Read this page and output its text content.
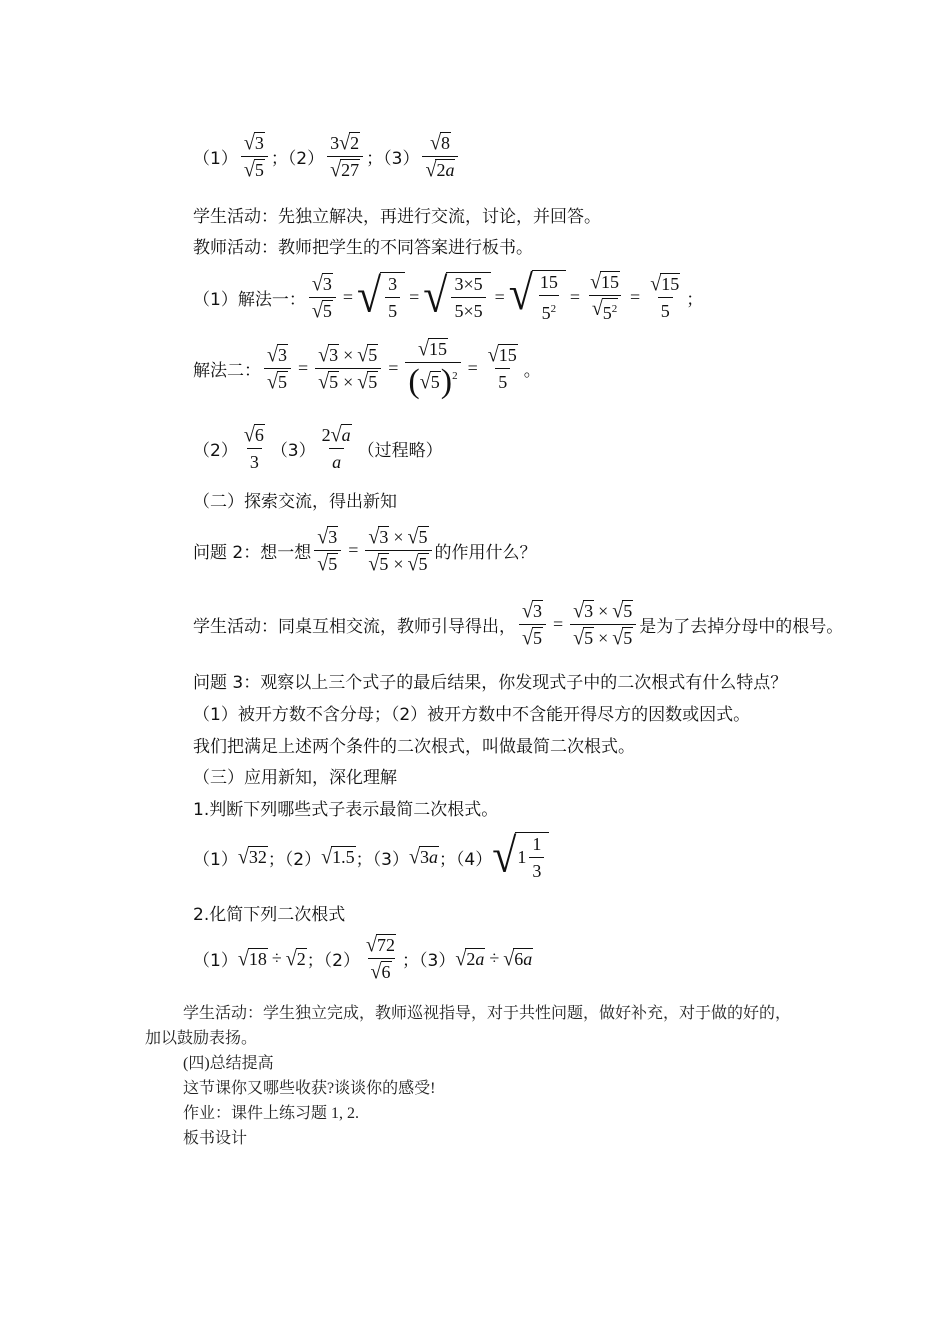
$(1) \frac{√ 3}{√ 5}$ ；$(2) \frac{3 √ 2}{√ 27}$ ；$(3) \frac{√ 8}{√ 2a}$
学生活动：先独立解决，再进行交流，讨论，并回答。
教师活动：教师把学生的不同答案进行板书。
（1）解法一： $\frac{√ 3}{√ 5}$ = √ $\frac{3}{5}$ = √ $\frac{3\times 5}{5\times 5}$ = √ $\frac{15}{5^2} = \frac{√ 15}{√ 5^2} = \frac{√ 15}{5}$ ；
解法二： $\frac{√ 3}{√ 5} = \frac{√ 3 \times √ 5}{√ 5 \times √ 5} = \frac{√ 15}{( √ 5 )^2} = \frac{√ 15}{5}$ 。
$(2) \frac{√ 6}{3} (3) \frac{2 √ a}{a}$ （过程略）
（二）探索交流，得出新知
问题 2：想一想 $\frac{√ 3}{√ 5} = \frac{√ 3 \times √ 5}{√ 5 \times √ 5}$ 的作用什么？
学生活动：同桌互相交流，教师引导得出， $\frac{√ 3}{√ 5} = \frac{√ 3 \times √ 5}{√ 5 \times √ 5}$ 是为了去掉分母中的根号。
问题 3：观察以上三个式子的最后结果，你发现式子中的二次根式有什么特点？
（1）被开方数不含分母；（2）被开方数中不含能开得尽方的因数或因式。
我们把满足上述两个条件的二次根式，叫做最简二次根式。
（三）应用新知，深化理解
1.判断下列哪些式子表示最简二次根式。
（1） √ 32 ；（2） √ 1.5 ；（3） √ 3a ；（4） √ $1 \frac{1}{3}$
2.化简下列二次根式
（1） √ 18 ÷ √ 2 ；$(2) \frac{√ 72}{√ 6}$ ；（3） √ 2a ÷ √ 6a
学生活动：学生独立完成，教师巡视指导，对于共性问题，做好补充，对于做的好的，
加以鼓励表扬。
(四)总结提高
这节课你又哪些收获?谈谈你的感受!
作业：课件上练习题 1, 2.
板书设计
